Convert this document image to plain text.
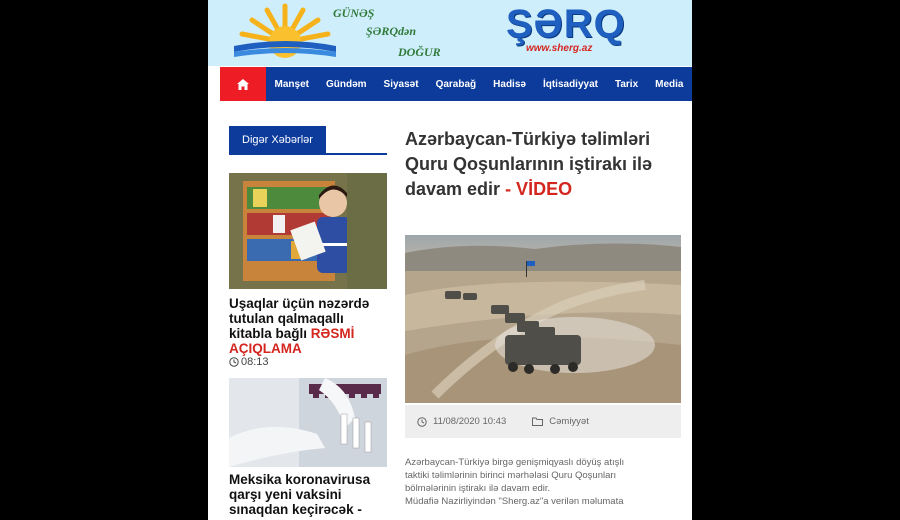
GÜNƏŞ
ŞƏRQdən
DOĞUR
ŞƏRQ
www.sherg.az
Manşet	Gündəm	Siyasət	Qarabağ	Hadisə	İqtisadiyyat	Tarix	Media
Digər Xəbərlər
Uşaqlar üçün nəzərdə tutulan qalmaqallı kitabla bağlı RƏSMİ AÇIQLAMA
08:13
Meksika koronavirusa qarşı yeni vaksini sınaqdan keçirəcək -
Azərbaycan-Türkiyə təlimləri Quru Qoşunlarının iştirakı ilə davam edir - VİDEO
11/08/2020 10:43	Cəmiyyət
Azərbaycan-Türkiyə birgə genişmiqyaslı döyüş atışlı
taktiki təlimlərinin birinci mərhələsi Quru Qoşunları
bölmələrinin iştirakı ilə davam edir.
Müdafiə Nazirliyindən "Sherg.az"a verilən məlumata
